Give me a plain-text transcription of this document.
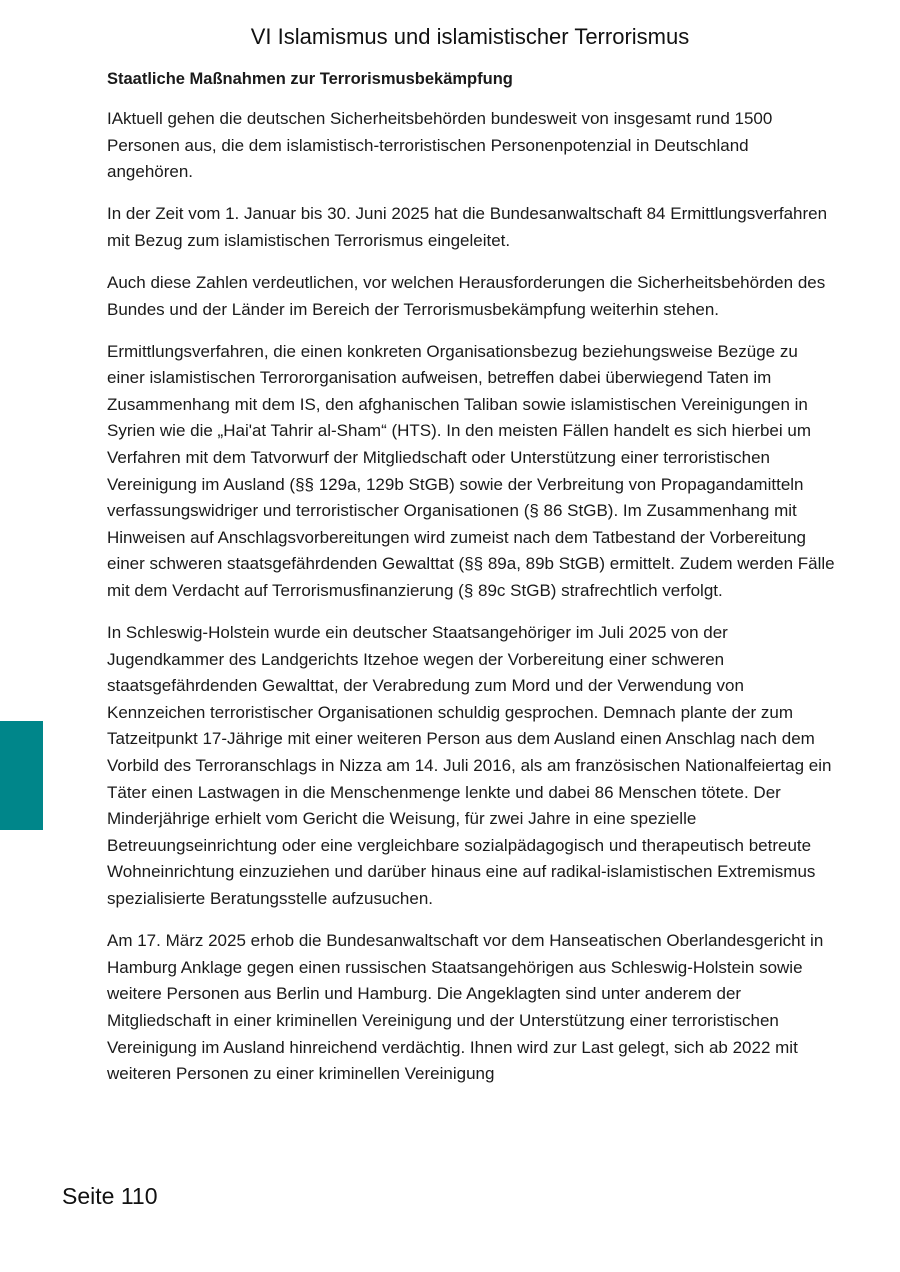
VI Islamismus und islamistischer Terrorismus
Staatliche Maßnahmen zur Terrorismusbekämpfung

IAktuell gehen die deutschen Sicherheitsbehörden bundesweit von insgesamt rund 1500 Personen aus, die dem islamistisch-terroristischen Personenpotenzial in Deutschland angehören.

In der Zeit vom 1. Januar bis 30. Juni 2025 hat die Bundesanwaltschaft 84 Ermittlungsverfahren mit Bezug zum islamistischen Terrorismus eingeleitet.

Auch diese Zahlen verdeutlichen, vor welchen Herausforderungen die Sicherheitsbehörden des Bundes und der Länder im Bereich der Terrorismusbekämpfung weiterhin stehen.

Ermittlungsverfahren, die einen konkreten Organisationsbezug beziehungsweise Bezüge zu einer islamistischen Terrororganisation aufweisen, betreffen dabei überwiegend Taten im Zusammenhang mit dem IS, den afghanischen Taliban sowie islamistischen Vereinigungen in Syrien wie die „Hai'at Tahrir al-Sham“ (HTS). In den meisten Fällen handelt es sich hierbei um Verfahren mit dem Tatvorwurf der Mitgliedschaft oder Unterstützung einer terroristischen Vereinigung im Ausland (§§ 129a, 129b StGB) sowie der Verbreitung von Propagandamitteln verfassungswidriger und terroristischer Organisationen (§ 86 StGB). Im Zusammenhang mit Hinweisen auf Anschlagsvorbereitungen wird zumeist nach dem Tatbestand der Vorbereitung einer schweren staatsgefährdenden Gewalttat (§§ 89a, 89b StGB) ermittelt. Zudem werden Fälle mit dem Verdacht auf Terrorismusfinanzierung (§ 89c StGB) strafrechtlich verfolgt.

In Schleswig-Holstein wurde ein deutscher Staatsangehöriger im Juli 2025 von der Jugendkammer des Landgerichts Itzehoe wegen der Vorbereitung einer schweren staatsgefährdenden Gewalttat, der Verabredung zum Mord und der Verwendung von Kennzeichen terroristischer Organisationen schuldig gesprochen. Demnach plante der zum Tatzeitpunkt 17-Jährige mit einer weiteren Person aus dem Ausland einen Anschlag nach dem Vorbild des Terroranschlags in Nizza am 14. Juli 2016, als am französischen Nationalfeiertag ein Täter einen Lastwagen in die Menschenmenge lenkte und dabei 86 Menschen tötete. Der Minderjährige erhielt vom Gericht die Weisung, für zwei Jahre in eine spezielle Betreuungseinrichtung oder eine vergleichbare sozialpädagogisch und therapeutisch betreute Wohneinrichtung einzuziehen und darüber hinaus eine auf radikal-islamistischen Extremismus spezialisierte Beratungsstelle aufzusuchen.

Am 17. März 2025 erhob die Bundesanwaltschaft vor dem Hanseatischen Oberlandesgericht in Hamburg Anklage gegen einen russischen Staatsangehörigen aus Schleswig-Holstein sowie weitere Personen aus Berlin und Hamburg. Die Angeklagten sind unter anderem der Mitgliedschaft in einer kriminellen Vereinigung und der Unterstützung einer terroristischen Vereinigung im Ausland hinreichend verdächtig. Ihnen wird zur Last gelegt, sich ab 2022 mit weiteren Personen zu einer kriminellen Vereinigung

Seite 110
